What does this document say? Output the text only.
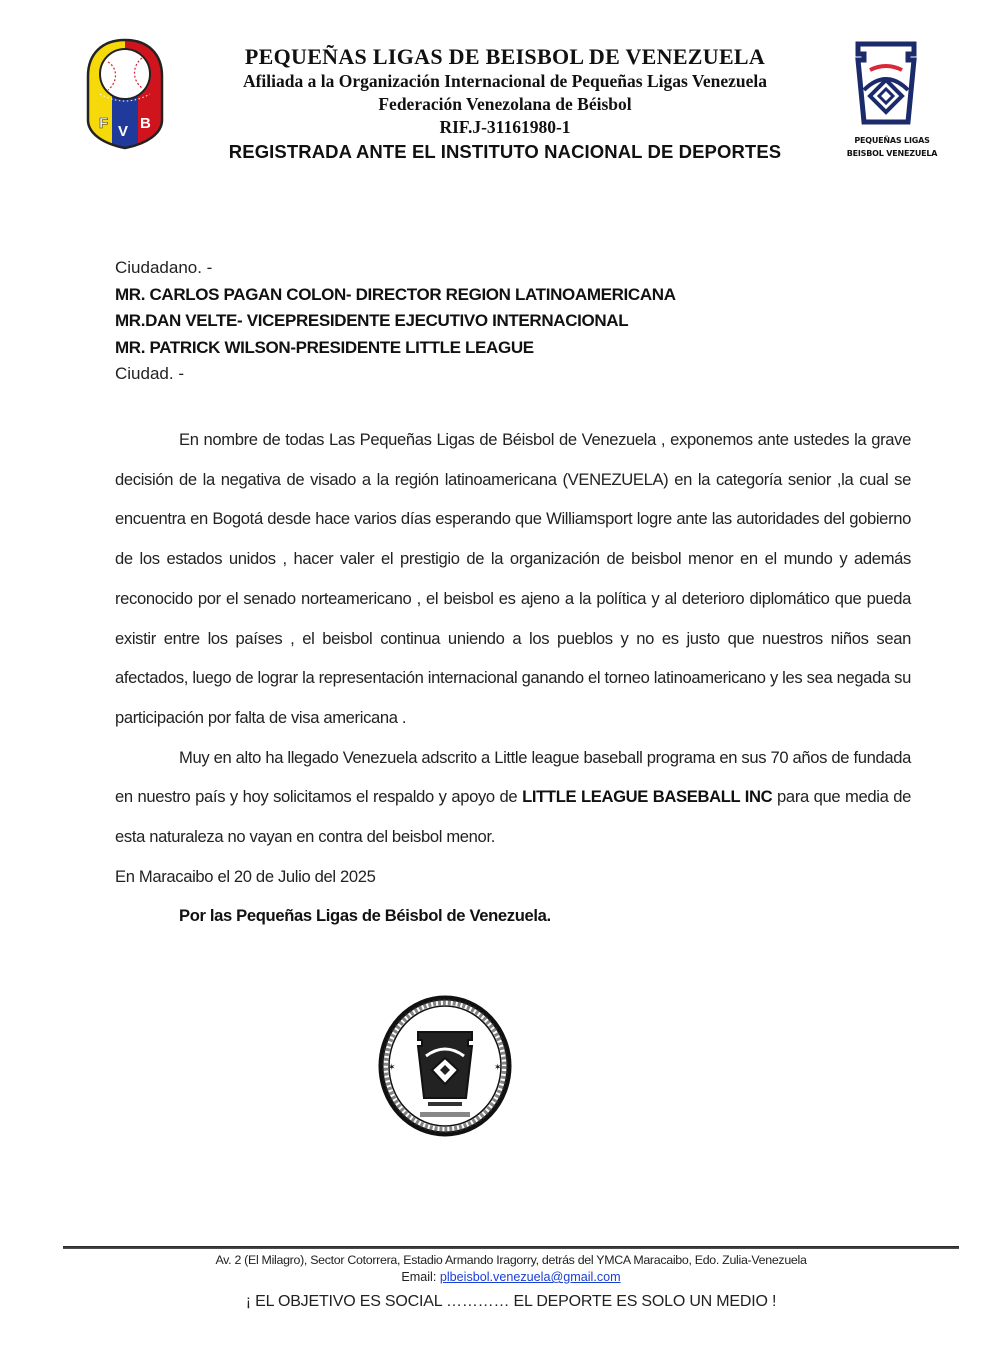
F V B
PEQUEÑAS LIGAS DE BEISBOL DE VENEZUELA
Afiliada a la Organización Internacional de Pequeñas Ligas Venezuela
Federación Venezolana de Béisbol
RIF.J-31161980-1
REGISTRADA ANTE EL INSTITUTO NACIONAL DE DEPORTES
PEQUEÑAS LIGAS
BEISBOL VENEZUELA
Ciudadano. -
MR. CARLOS PAGAN COLON- DIRECTOR REGION LATINOAMERICANA
MR.DAN VELTE- VICEPRESIDENTE EJECUTIVO INTERNACIONAL
MR. PATRICK WILSON-PRESIDENTE LITTLE LEAGUE
Ciudad. -

En nombre de todas Las Pequeñas Ligas de Béisbol de Venezuela , exponemos ante ustedes la grave decisión de la negativa de visado a la región latinoamericana (VENEZUELA) en la categoría senior ,la cual se encuentra en Bogotá desde hace varios días esperando que Williamsport logre ante las autoridades del gobierno de los estados unidos , hacer valer el prestigio de la organización de beisbol menor en el mundo y además reconocido por el senado norteamericano , el beisbol es ajeno a la política y al deterioro diplomático que pueda existir entre los países , el beisbol continua uniendo a los pueblos y no es justo que nuestros niños sean afectados, luego de lograr la representación internacional ganando el torneo latinoamericano y les sea negada su participación por falta de visa americana .

Muy en alto ha llegado Venezuela adscrito a Little league baseball programa en sus 70 años de fundada en nuestro país y hoy solicitamos el respaldo y apoyo de LITTLE LEAGUE BASEBALL INC para que media de esta naturaleza no vayan en contra del beisbol menor.

En Maracaibo el 20 de Julio del 2025

Por las Pequeñas Ligas de Béisbol de Venezuela.

✶	✶
Av. 2 (El Milagro), Sector Cotorrera, Estadio Armando Iragorry, detrás del YMCA Maracaibo, Edo. Zulia-Venezuela
Email: plbeisbol.venezuela@gmail.com
¡ EL OBJETIVO ES SOCIAL ………… EL DEPORTE ES SOLO UN MEDIO !
